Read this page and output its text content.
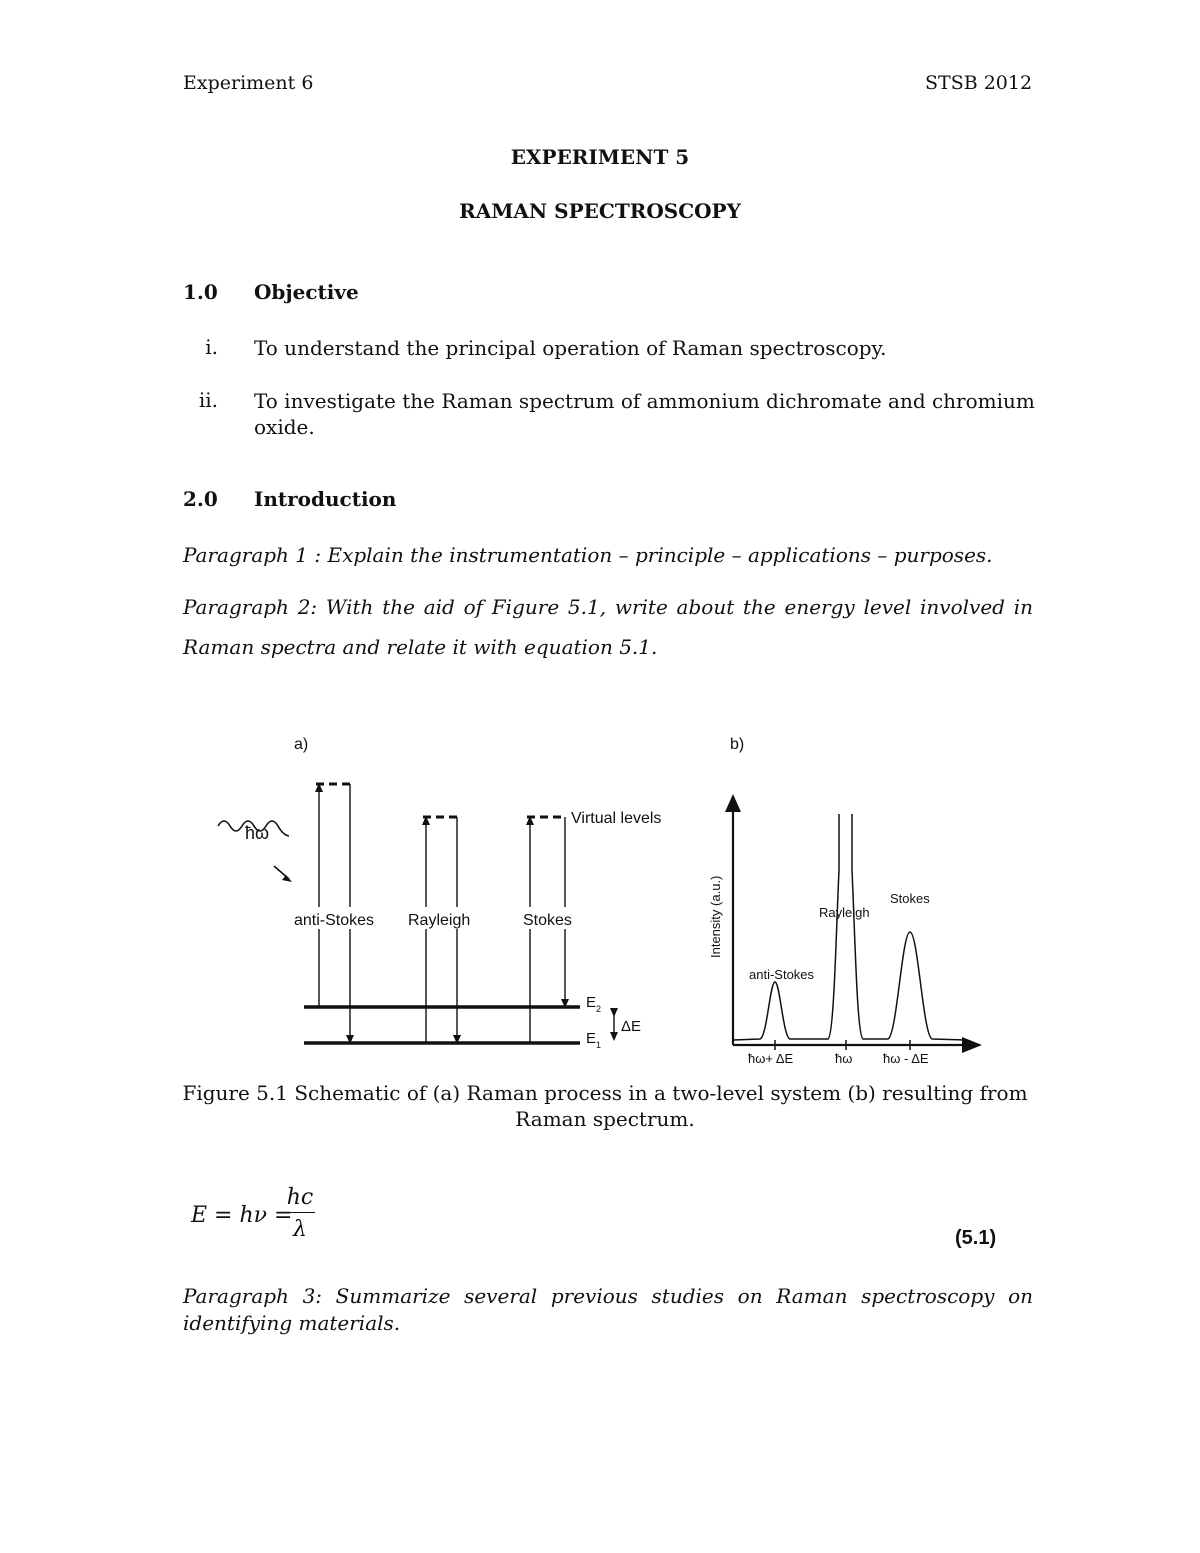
Experiment 6	STSB 2012
EXPERIMENT 5
RAMAN SPECTROSCOPY
1.0 Objective
i. To understand the principal operation of Raman spectroscopy.
ii. To investigate the Raman spectrum of ammonium dichromate and chromium
oxide.
2.0 Introduction
Paragraph 1 : Explain the instrumentation – principle – applications – purposes.
Paragraph 2: With the aid of Figure 5.1, write about the energy level involved in Raman spectra and relate it with equation 5.1.
a)
ħω
Virtual levels
E 2
E 1
ΔE
anti-Stokes Rayleigh	Stokes
b)
Intensity (a.u.)
anti-Stokes
Rayleigh
Stokes
ħω+ ΔE	ħω ħω - ΔE
Figure 5.1 Schematic of (a) Raman process in a two-level system (b) resulting from
Raman spectrum.
E = hν =
hc
λ	(5.1)
Paragraph 3: Summarize several previous studies on Raman spectroscopy on identifying materials.
